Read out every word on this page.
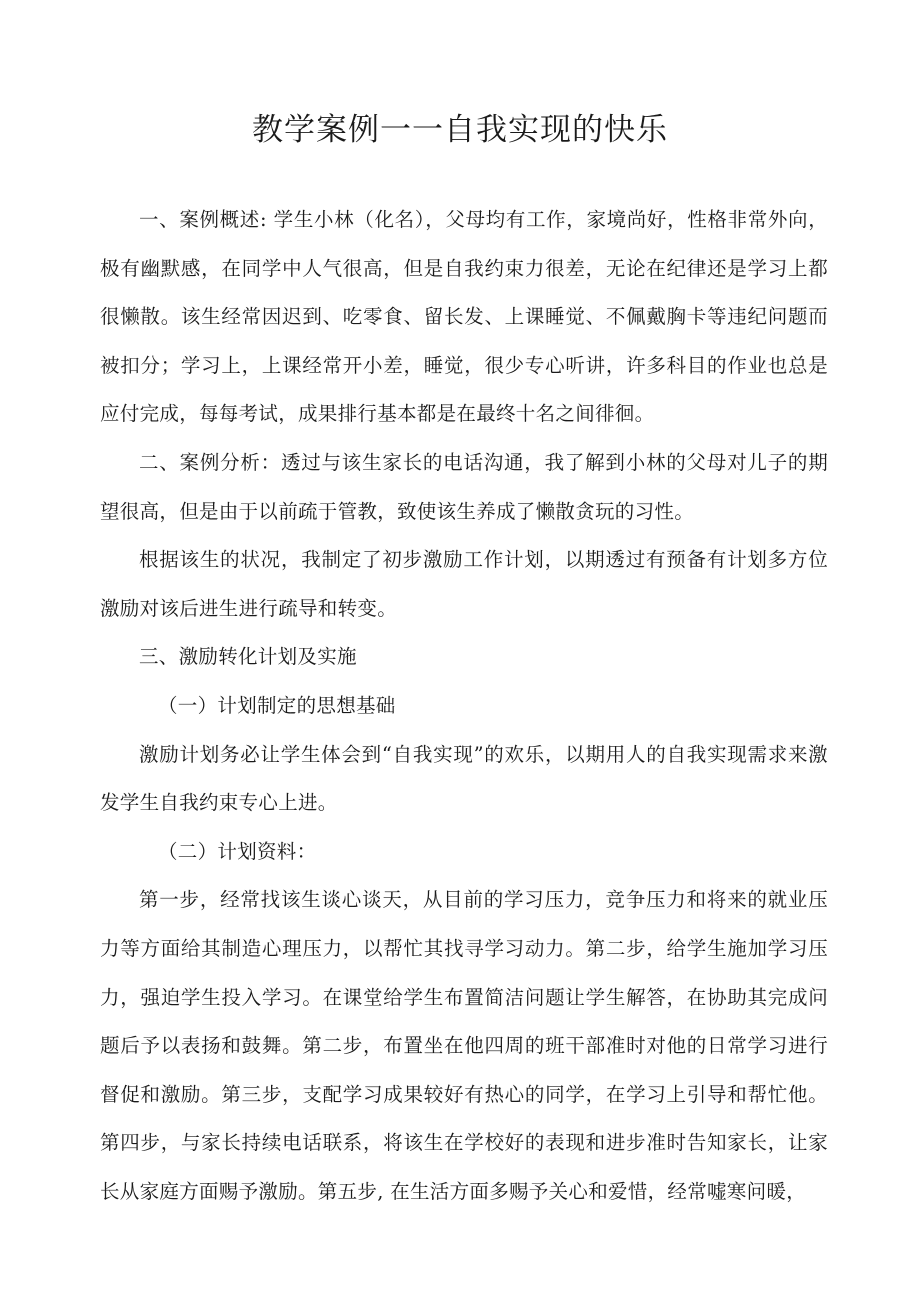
教学案例一一自我实现的快乐

一、案例概述: 学生小林（化名），父母均有工作，家境尚好，性格非常外向，极有幽默感，在同学中人气很高，但是自我约束力很差，无论在纪律还是学习上都很懒散。该生经常因迟到、吃零食、留长发、上课睡觉、不佩戴胸卡等违纪问题而被扣分；学习上，上课经常开小差，睡觉，很少专心听讲，许多科目的作业也总是应付完成，每每考试，成果排行基本都是在最终十名之间徘徊。

二、案例分析：透过与该生家长的电话沟通，我了解到小林的父母对儿子的期望很高，但是由于以前疏于管教，致使该生养成了懒散贪玩的习性。

根据该生的状况，我制定了初步激励工作计划，以期透过有预备有计划多方位激励对该后进生进行疏导和转变。

三、激励转化计划及实施

（一）计划制定的思想基础

激励计划务必让学生体会到“自我实现”的欢乐，以期用人的自我实现需求来激发学生自我约束专心上进。

（二）计划资料：

第一步，经常找该生谈心谈天，从目前的学习压力，竞争压力和将来的就业压力等方面给其制造心理压力，以帮忙其找寻学习动力。第二步，给学生施加学习压力，强迫学生投入学习。在课堂给学生布置简洁问题让学生解答，在协助其完成问题后予以表扬和鼓舞。第二步，布置坐在他四周的班干部准时对他的日常学习进行督促和激励。第三步，支配学习成果较好有热心的同学，在学习上引导和帮忙他。第四步，与家长持续电话联系，将该生在学校好的表现和进步准时告知家长，让家长从家庭方面赐予激励。第五步, 在生活方面多赐予关心和爱惜，经常嘘寒问暖，
